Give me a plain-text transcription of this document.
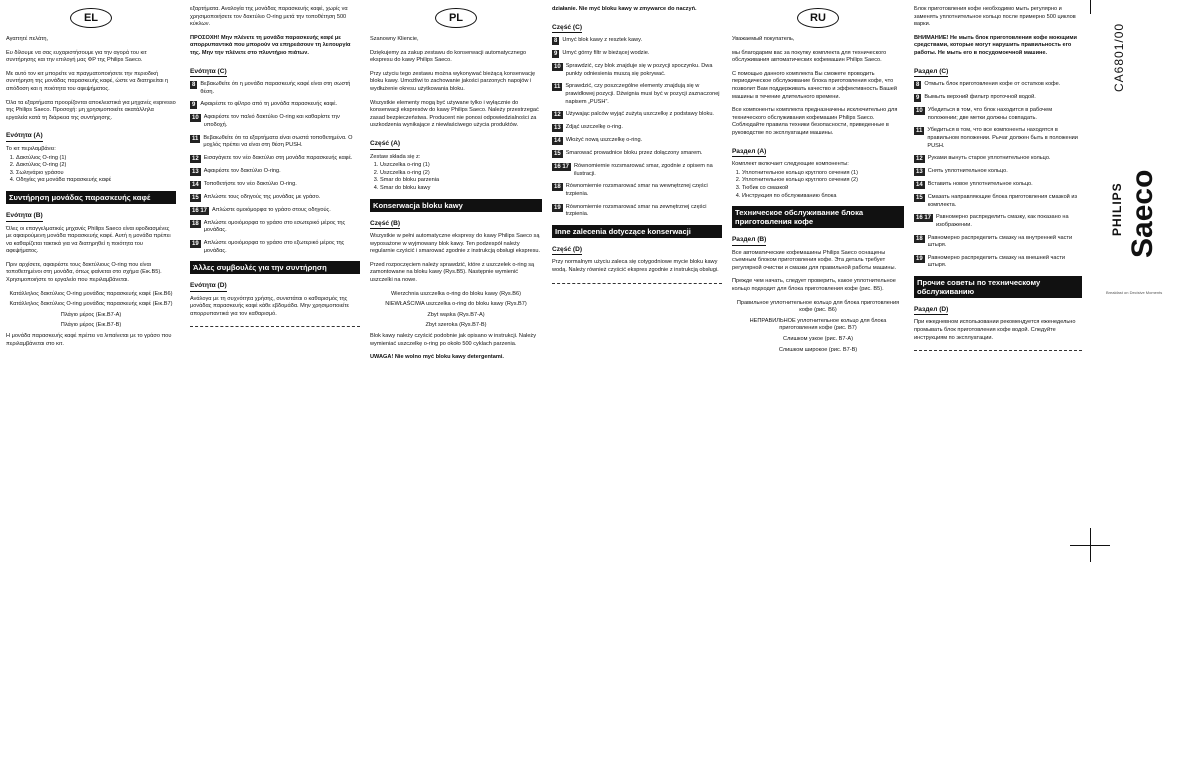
EL

Αγαπητέ πελάτη,

Ευ δίλουμε να σας ευχαριστήσουμε για την αγορά του κιτ συντήρησης και την επιλογή μας ΦΡ της Philips Saeco.

Με αυτό τον κιτ μπορείτε να πραγματοποιήσετε την περιοδική συντήρηση της μονάδας παρασκευής καφέ, ώστε να διατηρείται η απόδοση και η ποιότητα του αφεψήματος.

Όλα τα εξαρτήματα προορίζονται αποκλειστικά για μηχανές espresso της Philips Saeco. Προσοχή: μη χρησιμοποιείτε ακατάλληλα εργαλεία κατά τη διάρκεια της συντήρησης.

Ενότητα (A)

Το κιτ περιλαμβάνει:

1. Δακτύλιος O-ring (1)
2. Δακτύλιος O-ring (2)
3. Σωληνάριο γράσου
4. Οδηγίες για μονάδα παρασκευής καφέ
Συντήρηση μονάδας παρασκευής καφέ
Ενότητα (B)

Όλες οι επαγγελματικές μηχανές Philips Saeco είναι εφοδιασμένες με αφαιρούμενη μονάδα παρασκευής καφέ. Αυτή η μονάδα πρέπει να καθαρίζεται τακτικά για να διατηρηθεί η ποιότητα του αφεψήματος.

Πριν αρχίσετε, αφαιρέστε τους δακτύλιους O-ring που είναι τοποθετημένοι στη μονάδα, όπως φαίνεται στο σχήμα (Εικ.Β5). Χρησιμοποιήστε το εργαλείο που περιλαμβάνεται.

Κατάλληλος δακτύλιος O-ring μονάδας παρασκευής καφέ (Εικ.B6)

Κατάλληλος δακτύλιος O-ring μονάδας παρασκευής καφέ (Εικ.B7)

Πλάγιο μέρος (Εικ.B7-A)

Πλάγιο μέρος (Εικ.B7-B)

Η μονάδα παρασκευής καφέ πρέπει να λιπαίνεται με το γράσο που περιλαμβάνεται στο κιτ.

εξαρτήματα. Αναλογία της μονάδας παρασκευής καφέ, χωρίς να χρησιμοποιήσετε τον δακτύλιο O-ring μετά την τοποθέτηση 500 κύκλων.

ΠΡΟΣΟΧΗ! Μην πλένετε τη μονάδα παρασκευής καφέ με απορρυπαντικά που μπορούν να επηρεάσουν τη λειτουργία της. Μην την πλένετε στο πλυντήριο πιάτων.

Ενότητα (C)
8 Βεβαιωθείτε ότι η μονάδα παρασκευής καφέ είναι στη σωστή θέση.
9 Αφαιρέστε το φίλτρο από τη μονάδα παρασκευής καφέ.
10 Αφαιρέστε τον παλιό δακτύλιο O-ring και καθαρίστε την υποδοχή.
11 Βεβαιωθείτε ότι τα εξαρτήματα είναι σωστά τοποθετημένα. Ο μοχλός πρέπει να είναι στη θέση PUSH.
12 Εισαγάγετε τον νέο δακτύλιο στη μονάδα παρασκευής καφέ.
13 Αφαιρέστε τον δακτύλιο O-ring.
14 Τοποθετήστε τον νέο δακτύλιο O-ring.
15 Απλώστε τους οδηγούς της μονάδας με γράσο.
16 17 Απλώστε ομοιόμορφα το γράσο στους οδηγούς.
18 Απλώστε ομοιόμορφα το γράσο στο εσωτερικό μέρος της μονάδας.
19 Απλώστε ομοιόμορφα το γράσο στο εξωτερικό μέρος της μονάδας.
Άλλες συμβουλές για την συντήρηση
Ενότητα (D)

Ανάλογα με τη συχνότητα χρήσης, συνιστάται ο καθαρισμός της μονάδας παρασκευής καφέ κάθε εβδομάδα. Μην χρησιμοποιείτε απορρυπαντικά για τον καθαρισμό.

PL

Szanowny Kliencie,

Dziękujemy za zakup zestawu do konserwacji automatycznego ekspresu do kawy Philips Saeco.

Przy użyciu tego zestawu można wykonywać bieżącą konserwację bloku kawy. Umożliwi to zachowanie jakości parzonych napojów i wydłużenie okresu użytkowania bloku.

Wszystkie elementy mogą być używane tylko i wyłącznie do konserwacji ekspresów do kawy Philips Saeco. Należy przestrzegać zasad bezpieczeństwa. Producent nie ponosi odpowiedzialności za uszkodzenia wynikające z niewłaściwego użycia produktów.

Część (A)

Zestaw składa się z:

1. Uszczelka o-ring (1)
2. Uszczelka o-ring (2)
3. Smar do bloku parzenia
4. Smar do bloku kawy
Konserwacja bloku kawy
Część (B)

Wszystkie w pełni automatyczne ekspresy do kawy Philips Saeco są wyposażone w wyjmowany blok kawy. Ten podzespół należy regularnie czyścić i smarować zgodnie z instrukcją obsługi ekspresu.

Przed rozpoczęciem należy sprawdzić, które z uszczelek o-ring są zamontowane na bloku kawy (Rys.B5). Następnie wymienić uszczelki na nowe.

Wierzchnia uszczelka o-ring do bloku kawy (Rys.B6)

NIEWŁAŚCIWA uszczelka o-ring do bloku kawy (Rys.B7)

Zbyt wąska (Rys.B7-A)

Zbyt szeroka (Rys.B7-B)

Blok kawy należy czyścić podobnie jak opisano w instrukcji. Należy wymieniać uszczelkę o-ring po około 500 cyklach parzenia.

UWAGA! Nie wolno myć bloku kawy detergentami.

działanie. Nie myć bloku kawy w zmywarce do naczyń.

Część (C)
8 Umyć blok kawy z resztek kawy.
9 Umyć górny filtr w bieżącej wodzie.
10 Sprawdzić, czy blok znajduje się w pozycji spoczynku. Dwa punkty odniesienia muszą się pokrywać.
11 Sprawdzić, czy poszczególne elementy znajdują się w prawidłowej pozycji. Dźwignia musi być w pozycji zaznaczonej napisem „PUSH”.
12 Używając palców wyjąć zużytą uszczelkę z podstawy bloku.
13 Zdjąć uszczelkę o-ring.
14 Włożyć nową uszczelkę o-ring.
15 Smarować prowadnice bloku przez dołączony smarem.
16 17 Równomiernie rozsmarować smar, zgodnie z opisem na ilustracji.
18 Równomiernie rozsmarować smar na wewnętrznej części trzpienia.
19 Równomiernie rozsmarować smar na zewnętrznej części trzpienia.
Inne zalecenia dotyczące konserwacji
Część (D)

Przy normalnym użyciu zaleca się cotygodniowe mycie bloku kawy wodą. Należy również czyścić ekspres zgodnie z instrukcją obsługi.

RU

Уважаемый покупатель,

мы благодарим вас за покупку комплекта для технического обслуживания автоматических кофемашин Philips Saeco.

С помощью данного комплекта Вы сможете проводить периодическое обслуживание блока приготовления кофе, что позволит Вам поддерживать качество и эффективность Вашей машины в течение длительного времени.

Все компоненты комплекта предназначены исключительно для технического обслуживания кофемашин Philips Saeco. Соблюдайте правила техники безопасности, приведенные в руководстве по эксплуатации машины.

Раздел (A)

Комплект включает следующие компоненты:

1. Уплотнительное кольцо круглого сечения (1)
2. Уплотнительное кольцо круглого сечения (2)
3. Тюбик со смазкой
4. Инструкция по обслуживанию блока
Техническое обслуживание блока приготовления кофе
Раздел (B)

Все автоматические кофемашины Philips Saeco оснащены съемным блоком приготовления кофе. Эта деталь требует регулярной очистки и смазки для правильной работы машины.

Прежде чем начать, следует проверить, какое уплотнительное кольцо подходит для блока приготовления кофе (рис. B5).

Правильное уплотнительное кольцо для блока приготовления кофе (рис. B6)

НЕПРАВИЛЬНОЕ уплотнительное кольцо для блока приготовления кофе (рис. B7)

Слишком узкое (рис. B7-A)

Слишком широкое (рис. B7-B)

Блок приготовления кофе необходимо мыть регулярно и заменять уплотнительное кольцо после примерно 500 циклов варки.

ВНИМАНИЕ! Не мыть блок приготовления кофе моющими средствами, которые могут нарушить правильность его работы. Не мыть его в посудомоечной машине.

Раздел (C)
8 Отмыть блок приготовления кофе от остатков кофе.
9 Вымыть верхний фильтр проточной водой.
10 Убедиться в том, что блок находится в рабочем положении; две метки должны совпадать.
11 Убедиться в том, что все компоненты находятся в правильном положении. Рычаг должен быть в положении PUSH.
12 Руками вынуть старое уплотнительное кольцо.
13 Снять уплотнительное кольцо.
14 Вставить новое уплотнительное кольцо.
15 Смазать направляющие блока приготовления смазкой из комплекта.
16 17 Равномерно распределить смазку, как показано на изображении.
18 Равномерно распределить смазку на внутренней части штыря.
19 Равномерно распределить смазку на внешней части штыря.
Прочие советы по техническому обслуживанию
Раздел (D)

При ежедневном использовании рекомендуется еженедельно промывать блок приготовления кофе водой. Следуйте инструкциям по эксплуатации.

CA6801/00
PHILIPS Saeco
Breakfast on Decisive Moments
